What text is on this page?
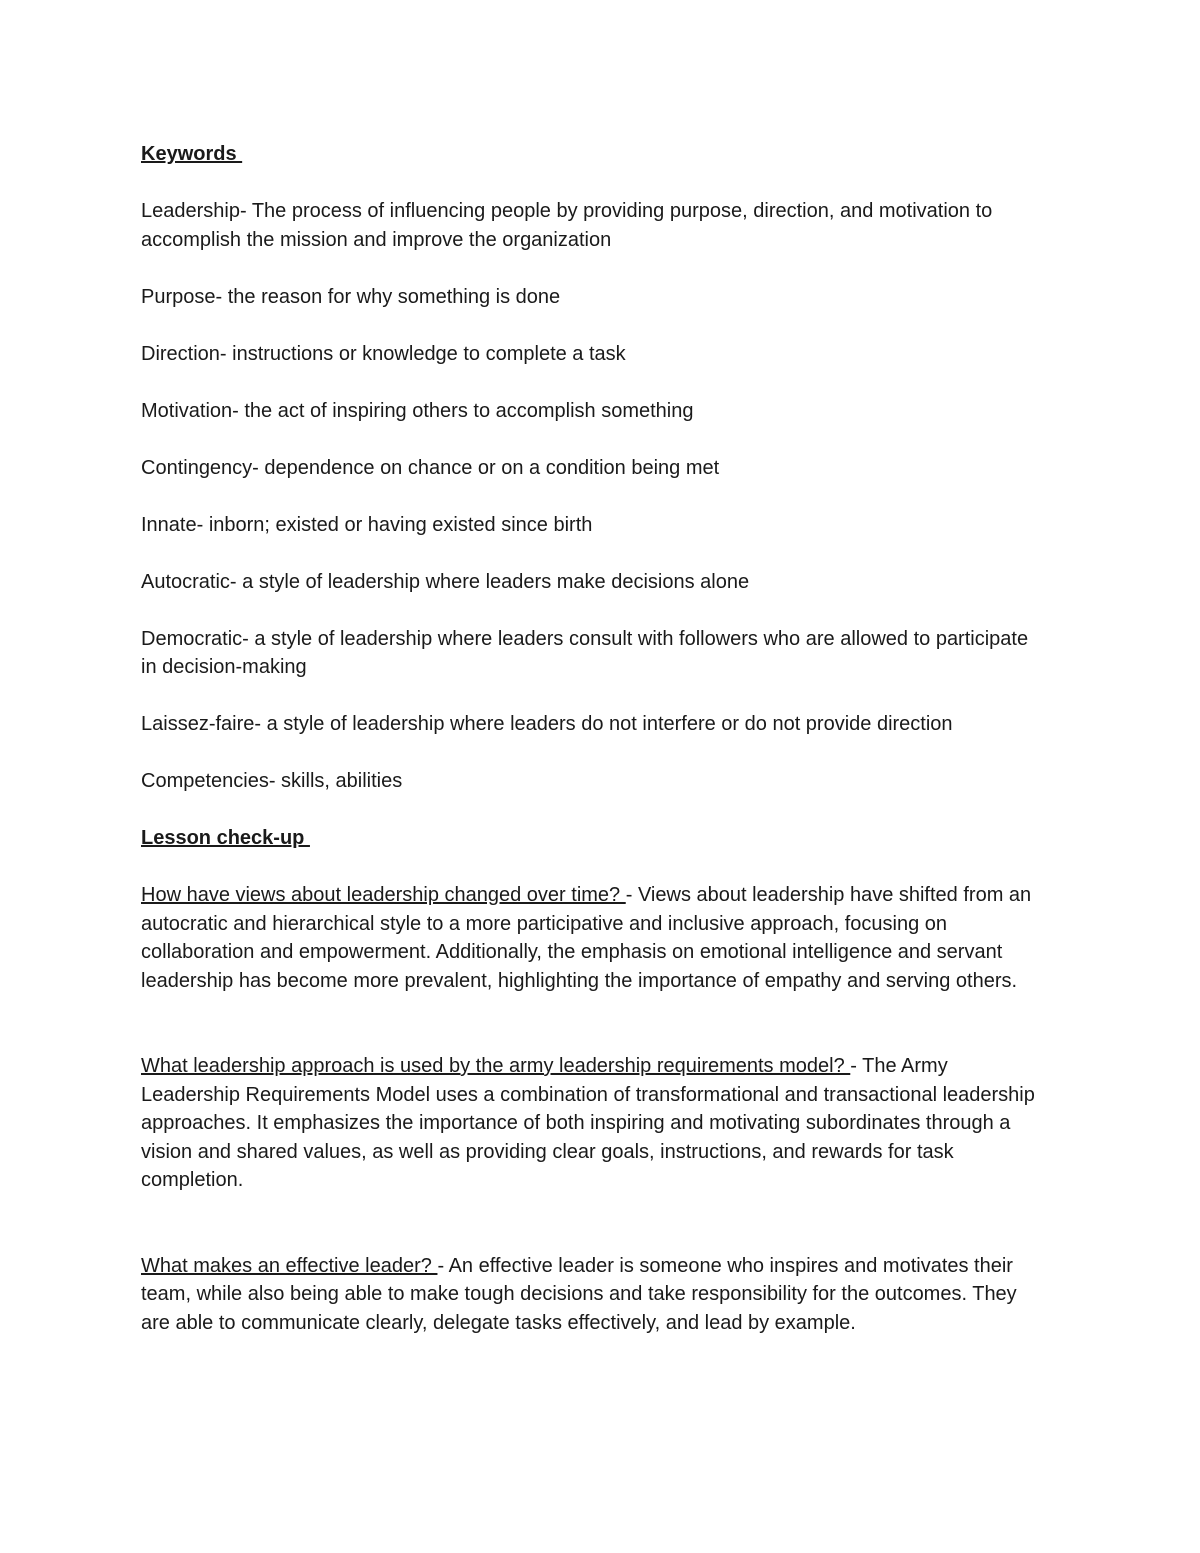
Keywords

Leadership- The process of influencing people by providing purpose, direction, and motivation to accomplish the mission and improve the organization

Purpose- the reason for why something is done

Direction- instructions or knowledge to complete a task

Motivation- the act of inspiring others to accomplish something

Contingency- dependence on chance or on a condition being met

Innate- inborn; existed or having existed since birth

Autocratic- a style of leadership where leaders make decisions alone

Democratic- a style of leadership where leaders consult with followers who are allowed to participate in decision-making

Laissez-faire- a style of leadership where leaders do not interfere or do not provide direction

Competencies- skills, abilities

Lesson check-up

How have views about leadership changed over time? - Views about leadership have shifted from an autocratic and hierarchical style to a more participative and inclusive approach, focusing on collaboration and empowerment. Additionally, the emphasis on emotional intelligence and servant leadership has become more prevalent, highlighting the importance of empathy and serving others.

What leadership approach is used by the army leadership requirements model? - The Army Leadership Requirements Model uses a combination of transformational and transactional leadership approaches. It emphasizes the importance of both inspiring and motivating subordinates through a vision and shared values, as well as providing clear goals, instructions, and rewards for task completion.

What makes an effective leader? - An effective leader is someone who inspires and motivates their team, while also being able to make tough decisions and take responsibility for the outcomes. They are able to communicate clearly, delegate tasks effectively, and lead by example.
